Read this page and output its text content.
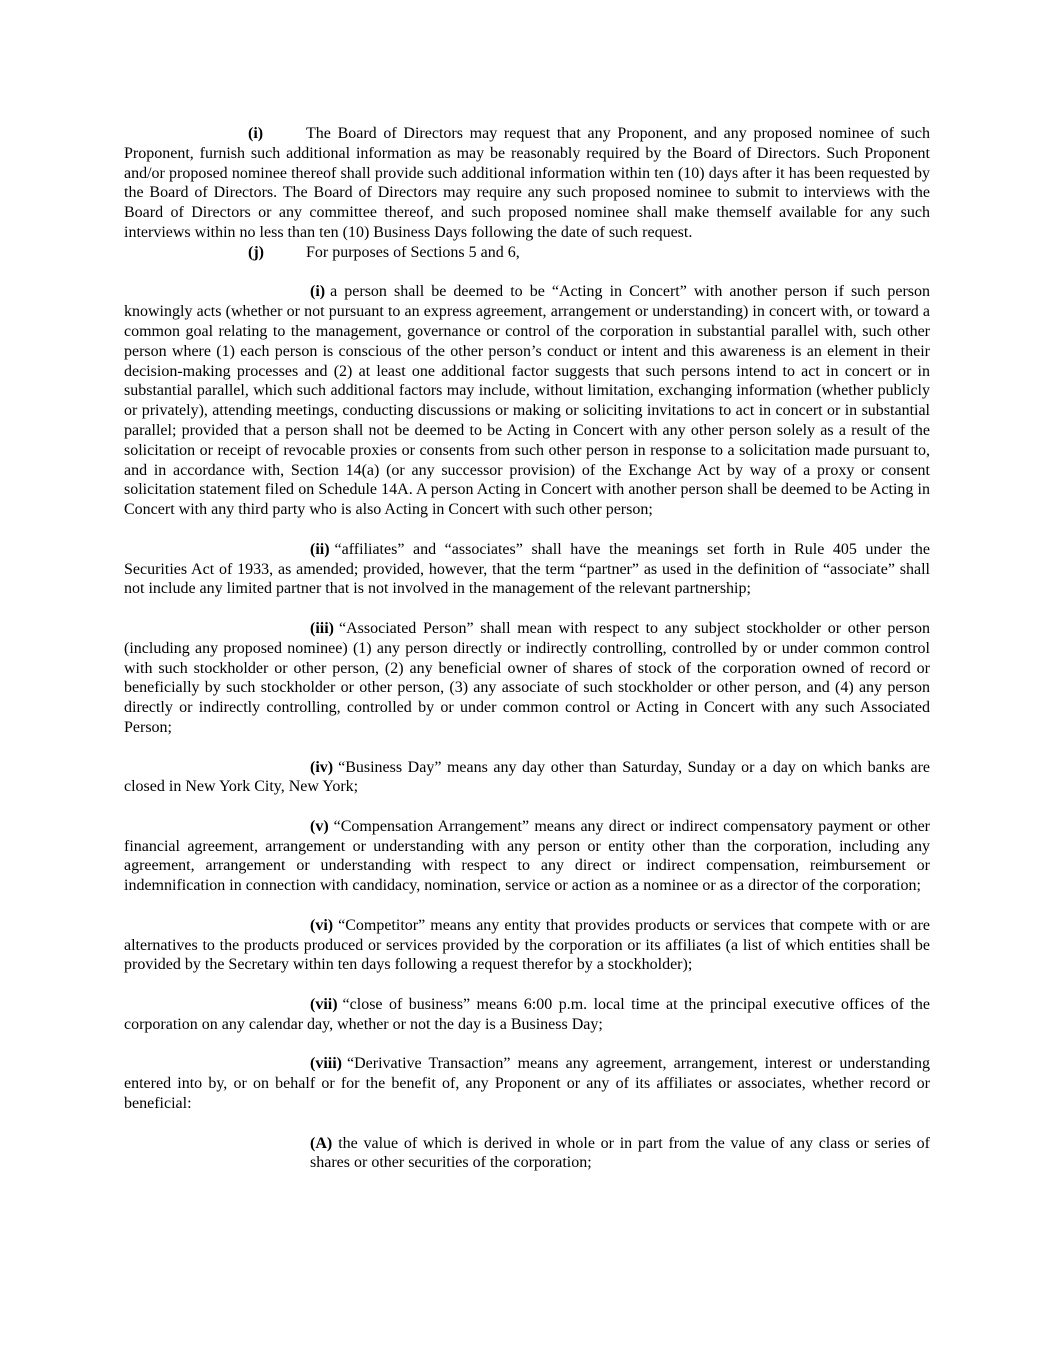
(i)	The Board of Directors may request that any Proponent, and any proposed nominee of such Proponent, furnish such additional information as may be reasonably required by the Board of Directors. Such Proponent and/or proposed nominee thereof shall provide such additional information within ten (10) days after it has been requested by the Board of Directors. The Board of Directors may require any such proposed nominee to submit to interviews with the Board of Directors or any committee thereof, and such proposed nominee shall make themself available for any such interviews within no less than ten (10) Business Days following the date of such request.

(j)	For purposes of Sections 5 and 6,

(i) a person shall be deemed to be “Acting in Concert” with another person if such person knowingly acts (whether or not pursuant to an express agreement, arrangement or understanding) in concert with, or toward a common goal relating to the management, governance or control of the corporation in substantial parallel with, such other person where (1) each person is conscious of the other person’s conduct or intent and this awareness is an element in their decision-making processes and (2) at least one additional factor suggests that such persons intend to act in concert or in substantial parallel, which such additional factors may include, without limitation, exchanging information (whether publicly or privately), attending meetings, conducting discussions or making or soliciting invitations to act in concert or in substantial parallel; provided that a person shall not be deemed to be Acting in Concert with any other person solely as a result of the solicitation or receipt of revocable proxies or consents from such other person in response to a solicitation made pursuant to, and in accordance with, Section 14(a) (or any successor provision) of the Exchange Act by way of a proxy or consent solicitation statement filed on Schedule 14A. A person Acting in Concert with another person shall be deemed to be Acting in Concert with any third party who is also Acting in Concert with such other person;

(ii) “affiliates” and “associates” shall have the meanings set forth in Rule 405 under the Securities Act of 1933, as amended; provided, however, that the term “partner” as used in the definition of “associate” shall not include any limited partner that is not involved in the management of the relevant partnership;

(iii) “Associated Person” shall mean with respect to any subject stockholder or other person (including any proposed nominee) (1) any person directly or indirectly controlling, controlled by or under common control with such stockholder or other person, (2) any beneficial owner of shares of stock of the corporation owned of record or beneficially by such stockholder or other person, (3) any associate of such stockholder or other person, and (4) any person directly or indirectly controlling, controlled by or under common control or Acting in Concert with any such Associated Person;

(iv) “Business Day” means any day other than Saturday, Sunday or a day on which banks are closed in New York City, New York;

(v) “Compensation Arrangement” means any direct or indirect compensatory payment or other financial agreement, arrangement or understanding with any person or entity other than the corporation, including any agreement, arrangement or understanding with respect to any direct or indirect compensation, reimbursement or indemnification in connection with candidacy, nomination, service or action as a nominee or as a director of the corporation;

(vi) “Competitor” means any entity that provides products or services that compete with or are alternatives to the products produced or services provided by the corporation or its affiliates (a list of which entities shall be provided by the Secretary within ten days following a request therefor by a stockholder);

(vii) “close of business” means 6:00 p.m. local time at the principal executive offices of the corporation on any calendar day, whether or not the day is a Business Day;

(viii) “Derivative Transaction” means any agreement, arrangement, interest or understanding entered into by, or on behalf or for the benefit of, any Proponent or any of its affiliates or associates, whether record or beneficial:

(A) the value of which is derived in whole or in part from the value of any class or series of shares or other securities of the corporation;
